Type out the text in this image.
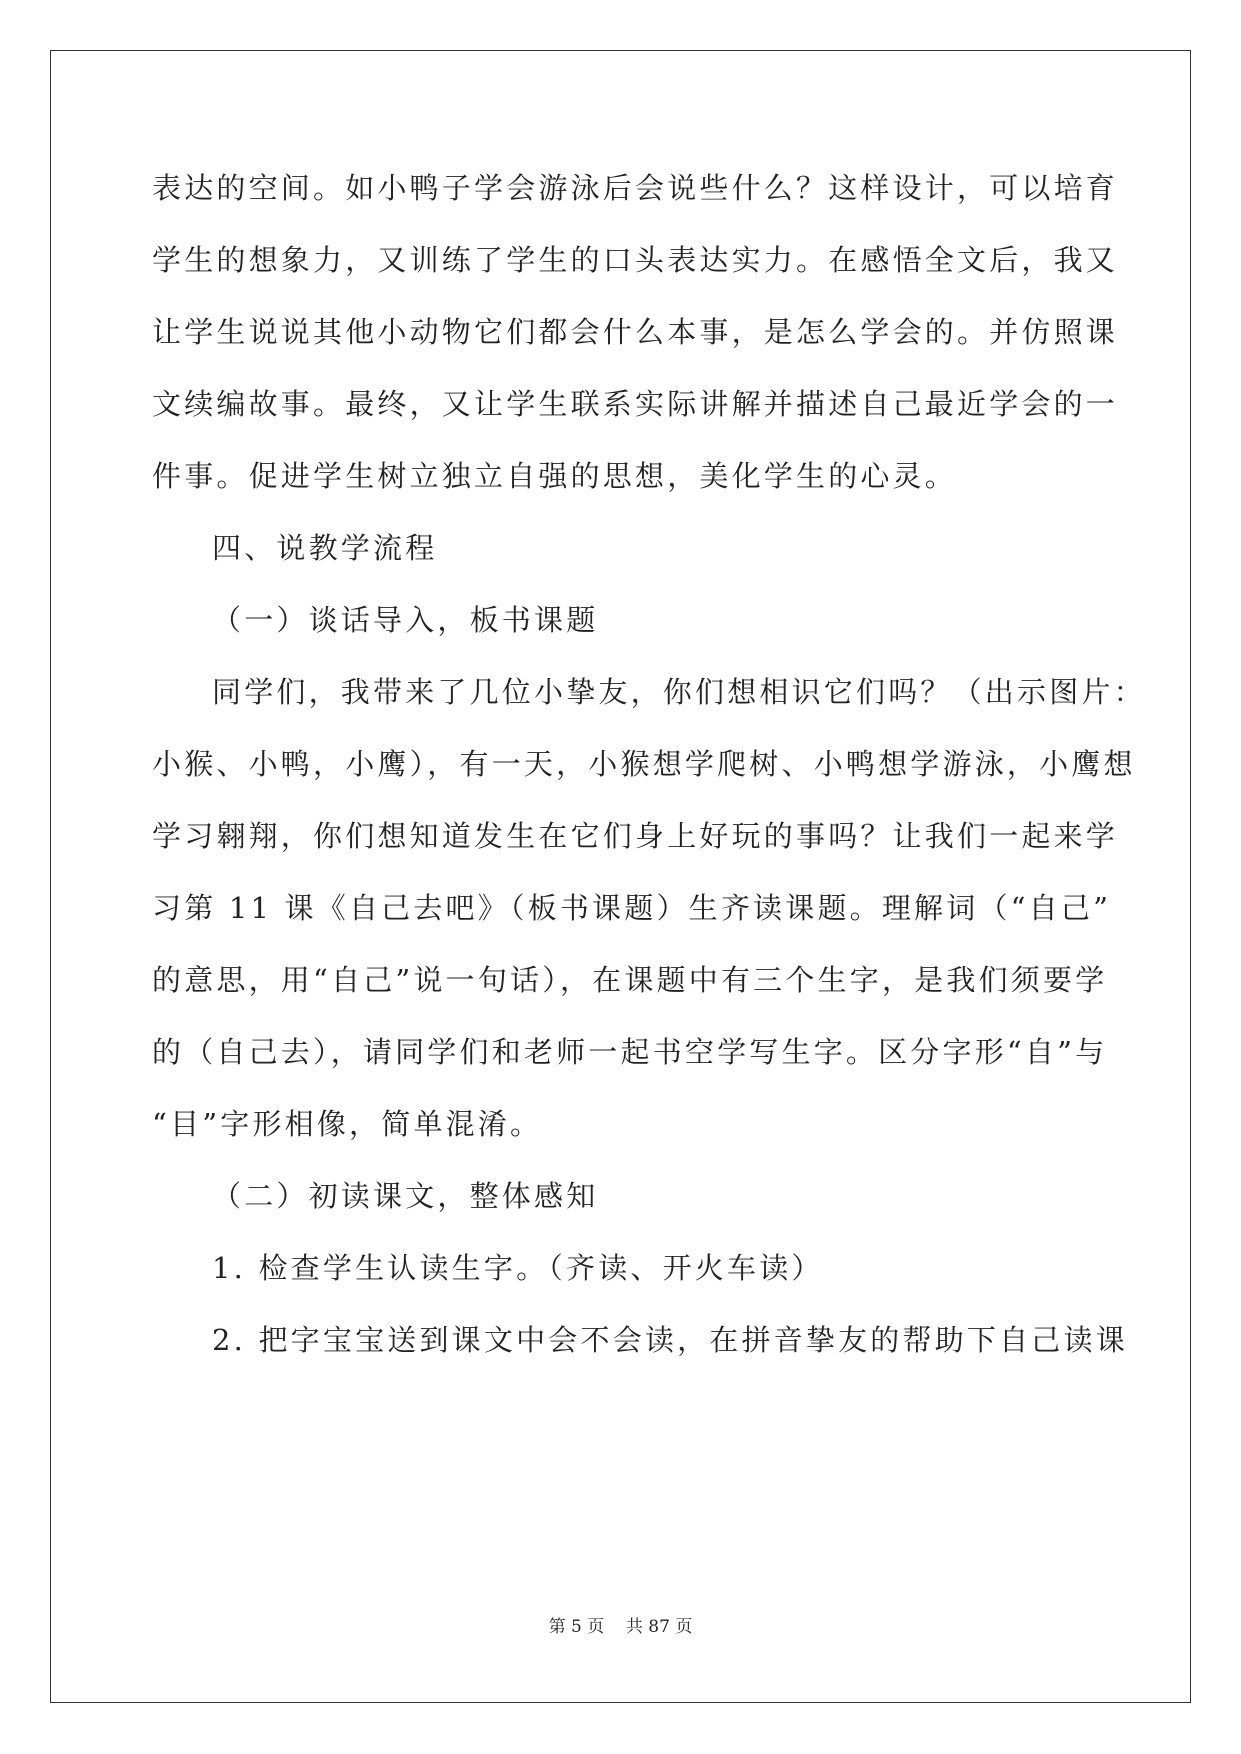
表达的空间。如小鸭子学会游泳后会说些什么？这样设计，可以培育
学生的想象力，又训练了学生的口头表达实力。在感悟全文后，我又
让学生说说其他小动物它们都会什么本事，是怎么学会的。并仿照课
文续编故事。最终，又让学生联系实际讲解并描述自己最近学会的一
件事。促进学生树立独立自强的思想，美化学生的心灵。
四、说教学流程
（一）谈话导入，板书课题
同学们，我带来了几位小挚友，你们想相识它们吗？（出示图片：
小猴、小鸭，小鹰），有一天，小猴想学爬树、小鸭想学游泳，小鹰想
学习翱翔，你们想知道发生在它们身上好玩的事吗？让我们一起来学
习第 11 课《自己去吧》（板书课题）生齐读课题。理解词（“自己”
的意思，用“自己”说一句话），在课题中有三个生字，是我们须要学
的（自己去），请同学们和老师一起书空学写生字。区分字形“自”与
“目”字形相像，简单混淆。
（二）初读课文，整体感知
1. 检查学生认读生字。（齐读、开火车读）
2. 把字宝宝送到课文中会不会读，在拼音挚友的帮助下自己读课
第 5 页 共 87 页
